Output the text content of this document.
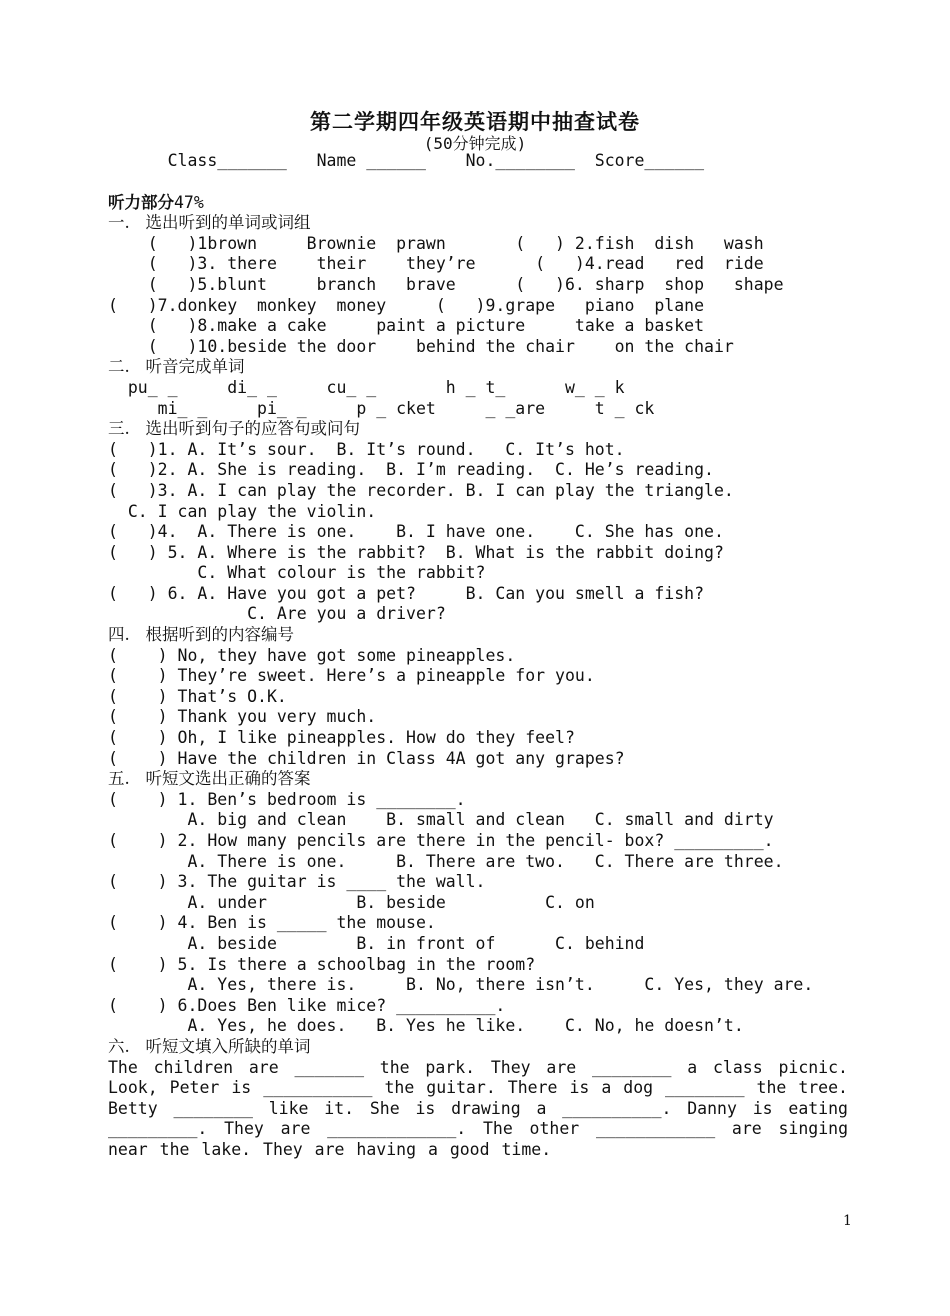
第二学期四年级英语期中抽查试卷
(50分钟完成)
Class_______   Name ______    No.________  Score______
听力部分47%
一.   选出听到的单词或词组
(   )1brown     Brownie  prawn       (   ) 2.fish  dish   wash
(   )3. there    their    they’re      (   )4.read   red  ride
(   )5.blunt     branch   brave      (   )6. sharp  shop   shape
(   )7.donkey  monkey  money     (   )9.grape   piano  plane
(   )8.make a cake     paint a picture     take a basket
(   )10.beside the door    behind the chair    on the chair
二.   听音完成单词
pu_ _     di_ _     cu_ _       h _ t_      w_ _ k
mi_ _     pi_ _     p _ cket     _ _are     t _ ck
三.   选出听到句子的应答句或问句
(   )1. A. It’s sour.  B. It’s round.   C. It’s hot.
(   )2. A. She is reading.  B. I’m reading.  C. He’s reading.
(   )3. A. I can play the recorder. B. I can play the triangle.
C. I can play the violin.
(   )4.  A. There is one.    B. I have one.    C. She has one.
(   ) 5. A. Where is the rabbit?  B. What is the rabbit doing?
C. What colour is the rabbit?
(   ) 6. A. Have you got a pet?     B. Can you smell a fish?
C. Are you a driver?
四.   根据听到的内容编号
(    ) No, they have got some pineapples.
(    ) They’re sweet. Here’s a pineapple for you.
(    ) That’s O.K.
(    ) Thank you very much.
(    ) Oh, I like pineapples. How do they feel?
(    ) Have the children in Class 4A got any grapes?
五.   听短文选出正确的答案
(    ) 1. Ben’s bedroom is ________.
A. big and clean    B. small and clean   C. small and dirty
(    ) 2. How many pencils are there in the pencil- box? _________.
A. There is one.     B. There are two.   C. There are three.
(    ) 3. The guitar is ____ the wall.
A. under         B. beside          C. on
(    ) 4. Ben is _____ the mouse.
A. beside        B. in front of      C. behind
(    ) 5. Is there a schoolbag in the room?
A. Yes, there is.     B. No, there isn’t.     C. Yes, they are.
(    ) 6.Does Ben like mice? __________.
A. Yes, he does.   B. Yes he like.    C. No, he doesn’t.
六.   听短文填入所缺的单词
The children are _______ the park. They are ________ a class picnic. Look, Peter is ___________ the guitar. There is a dog ________ the tree. Betty ________ like it. She is drawing a __________. Danny is eating _________. They are _____________. The other ____________ are singing near the lake. They are having a good time.
1
